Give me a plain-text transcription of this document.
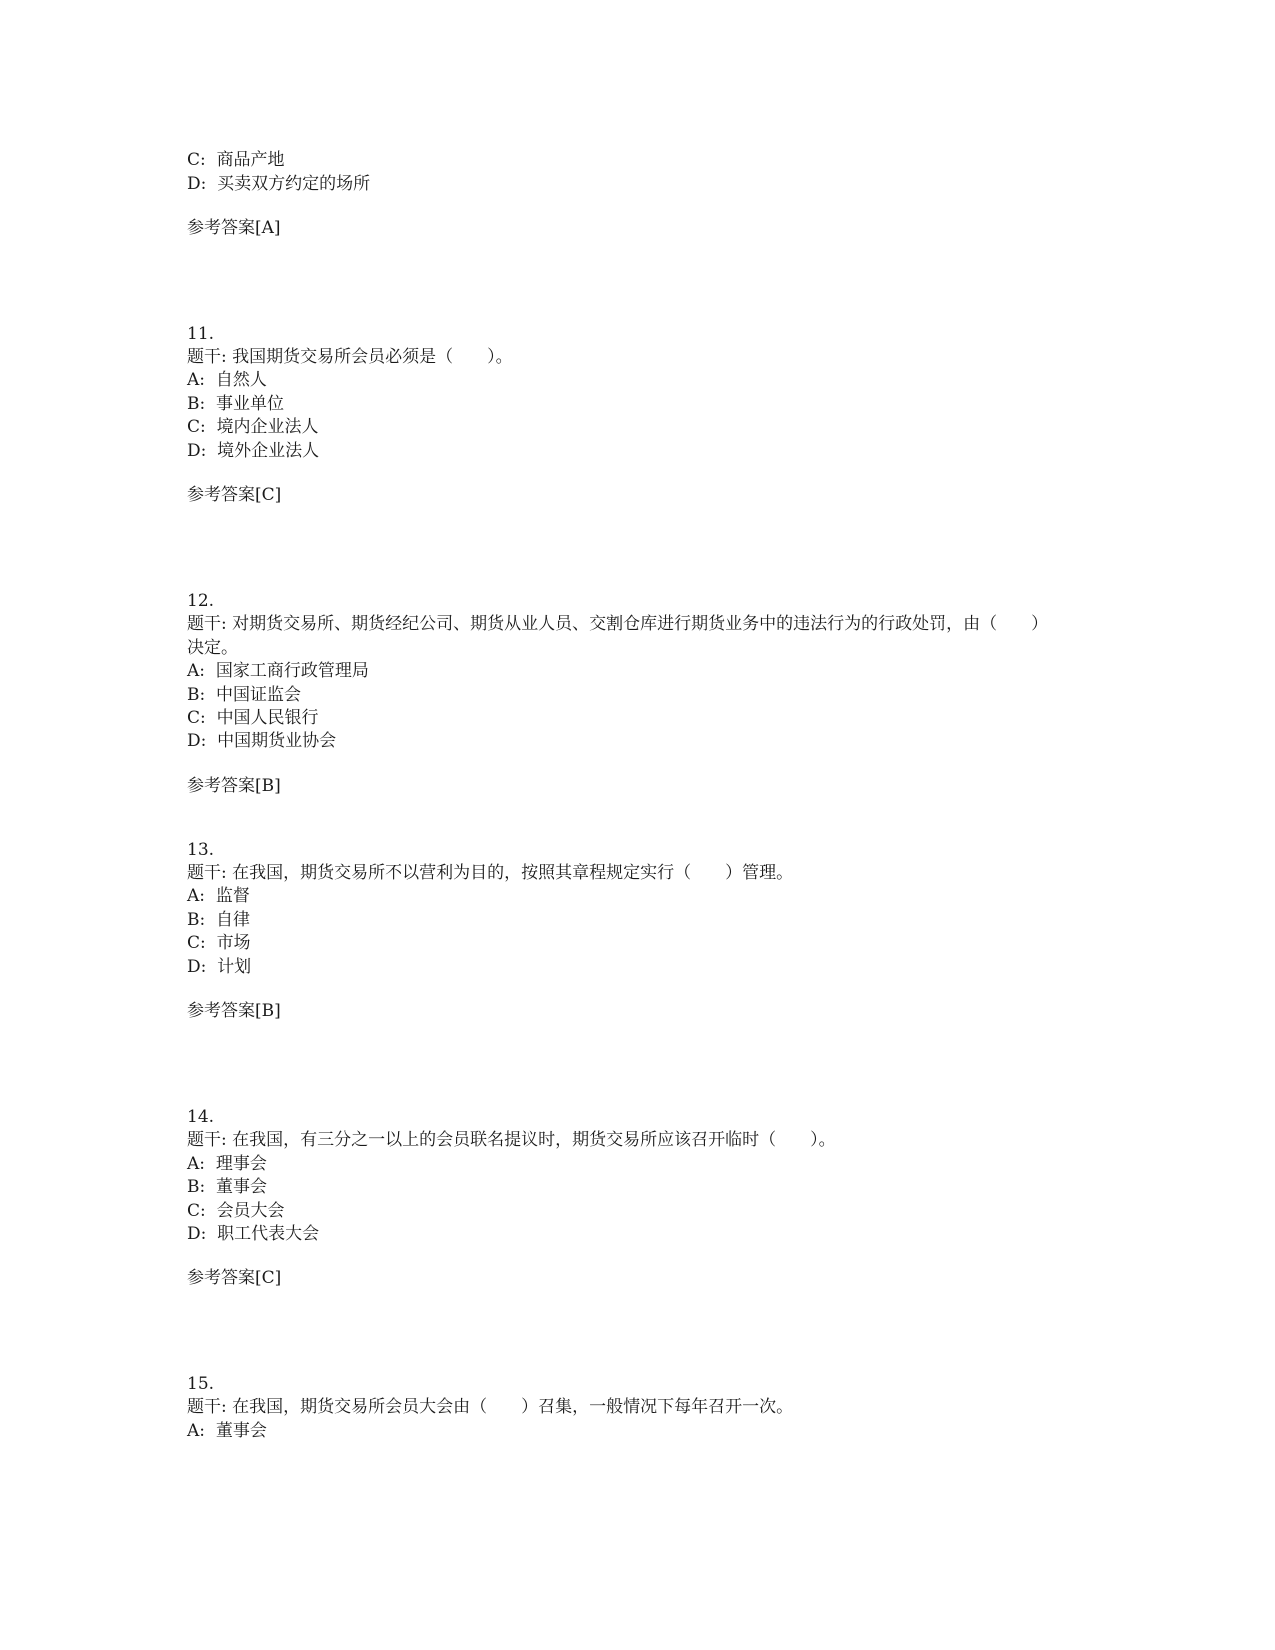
C: 商品产地
D: 买卖双方约定的场所
参考答案[A]
11.
题干: 我国期货交易所会员必须是（　　）。
A: 自然人
B: 事业单位
C: 境内企业法人
D: 境外企业法人
参考答案[C]
12.
题干: 对期货交易所、期货经纪公司、期货从业人员、交割仓库进行期货业务中的违法行为的行政处罚，由（　　）
决定。
A: 国家工商行政管理局
B: 中国证监会
C: 中国人民银行
D: 中国期货业协会
参考答案[B]
13.
题干: 在我国，期货交易所不以营利为目的，按照其章程规定实行（　　）管理。
A: 监督
B: 自律
C: 市场
D: 计划
参考答案[B]
14.
题干: 在我国，有三分之一以上的会员联名提议时，期货交易所应该召开临时（　　）。
A: 理事会
B: 董事会
C: 会员大会
D: 职工代表大会
参考答案[C]
15.
题干: 在我国，期货交易所会员大会由（　　）召集，一般情况下每年召开一次。
A: 董事会
